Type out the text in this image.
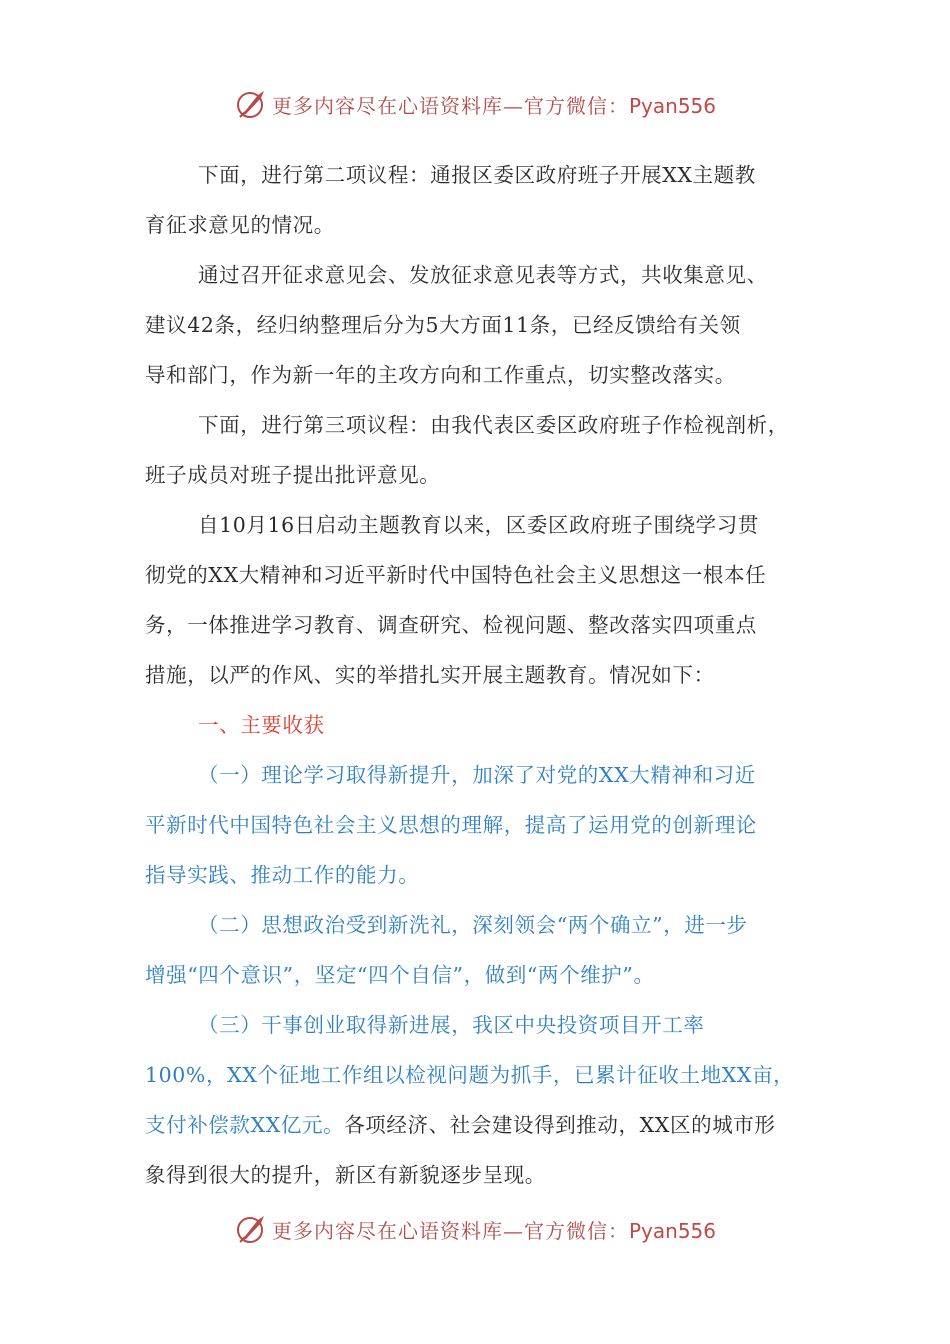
更多内容尽在心语资料库—官方微信：Pyan556
下面，进行第二项议程：通报区委区政府班子开展XX主题教
育征求意见的情况。
通过召开征求意见会、发放征求意见表等方式，共收集意见、
建议42条，经归纳整理后分为5大方面11条，已经反馈给有关领
导和部门，作为新一年的主攻方向和工作重点，切实整改落实。
下面，进行第三项议程：由我代表区委区政府班子作检视剖析，
班子成员对班子提出批评意见。
自10月16日启动主题教育以来，区委区政府班子围绕学习贯
彻党的XX大精神和习近平新时代中国特色社会主义思想这一根本任
务，一体推进学习教育、调查研究、检视问题、整改落实四项重点
措施，以严的作风、实的举措扎实开展主题教育。情况如下：
一、主要收获
（一）理论学习取得新提升，加深了对党的XX大精神和习近
平新时代中国特色社会主义思想的理解，提高了运用党的创新理论
指导实践、推动工作的能力。
（二）思想政治受到新洗礼，深刻领会“两个确立”，进一步
增强“四个意识”，坚定“四个自信”，做到“两个维护”。
（三）干事创业取得新进展，我区中央投资项目开工率
100%，XX个征地工作组以检视问题为抓手，已累计征收土地XX亩，
支付补偿款XX亿元。各项经济、社会建设得到推动，XX区的城市形
象得到很大的提升，新区有新貌逐步呈现。
更多内容尽在心语资料库—官方微信：Pyan556
